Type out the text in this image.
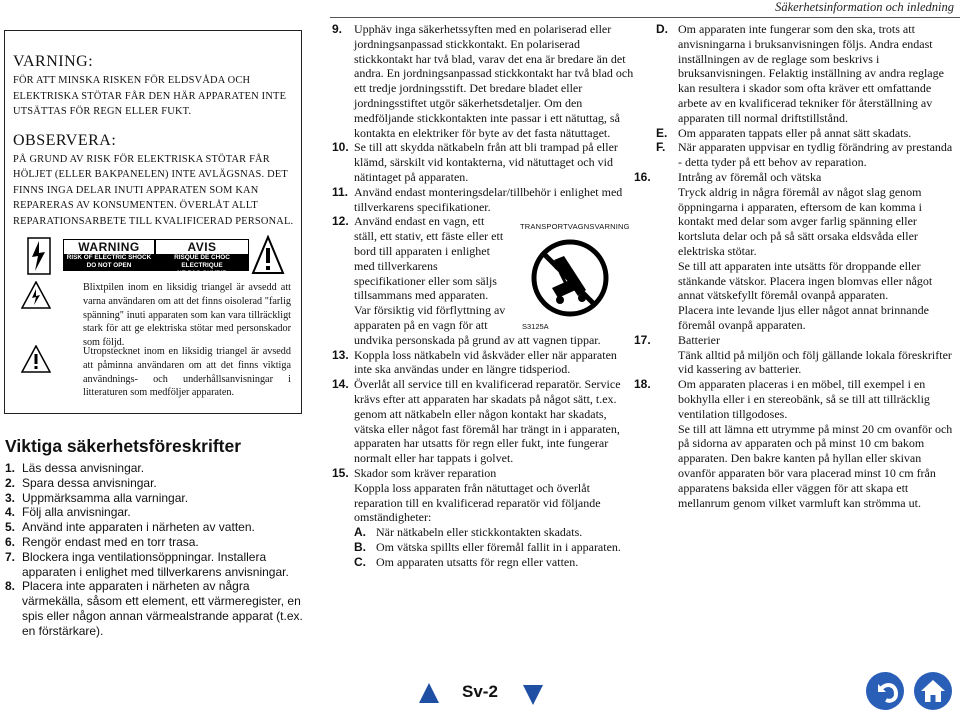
Säkerhetsinformation och inledning
VARNING:

FÖR ATT MINSKA RISKEN FÖR ELDSVÅDA OCH ELEKTRISKA STÖTAR FÅR DEN HÄR APPARATEN INTE UTSÄTTAS FÖR REGN ELLER FUKT.

OBSERVERA:

PÅ GRUND AV RISK FÖR ELEKTRISKA STÖTAR FÅR HÖLJET (ELLER BAKPANELEN) INTE AVLÄGSNAS. DET FINNS INGA DELAR INUTI APPARATEN SOM KAN REPARERAS AV KONSUMENTEN. ÖVERLÅT ALLT REPARATIONSARBETE TILL KVALIFICERAD PERSONAL.

WARNING
RISK OF ELECTRIC SHOCK
DO NOT OPEN
AVIS
RISQUE DE CHOC ELECTRIQUE
NE PAS OUVRIR

Blixtpilen inom en liksidig triangel är avsedd att varna användaren om att det finns oisolerad "farlig spänning" inuti apparaten som kan vara tillräckligt stark för att ge elektriska stötar med personskador som följd.

Utropstecknet inom en liksidig triangel är avsedd att påminna användaren om att det finns viktiga användnings- och underhållsanvisningar i litteraturen som medföljer apparaten.

Viktiga säkerhetsföreskrifter
1. Läs dessa anvisningar.
2. Spara dessa anvisningar.
3. Uppmärksamma alla varningar.
4. Följ alla anvisningar.
5. Använd inte apparaten i närheten av vatten.
6. Rengör endast med en torr trasa.
7. Blockera inga ventilationsöppningar. Installera apparaten i enlighet med tillverkarens anvisningar.
8. Placera inte apparaten i närheten av några värmekälla, såsom ett element, ett värmeregister, en spis eller någon annan värmealstrande apparat (t.ex. en förstärkare).
9. Upphäv inga säkerhetssyften med en polariserad eller jordningsanpassad stickkontakt. En polariserad stickkontakt har två blad, varav det ena är bredare än det andra. En jordningsanpassad stickkontakt har två blad och ett tredje jordningsstift. Det bredare bladet eller jordningsstiftet utgör säkerhetsdetaljer. Om den medföljande stickkontakten inte passar i ett nätuttag, så kontakta en elektriker för byte av det fasta nätuttaget.
10. Se till att skydda nätkabeln från att bli trampad på eller klämd, särskilt vid kontakterna, vid nätuttaget och vid nätintaget på apparaten.
11. Använd endast monteringsdelar/tillbehör i enlighet med tillverkarens specifikationer.
12. Använd endast en vagn, ett
ställ, ett stativ, ett fäste eller ett
bord till apparaten i enlighet
med tillverkarens
specifikationer eller som säljs
tillsammans med apparaten.
Var försiktig vid förflyttning av
apparaten på en vagn för att
undvika personskada på grund av att vagnen tippar.
13. Koppla loss nätkabeln vid åskväder eller när apparaten inte ska användas under en längre tidsperiod.
14. Överlåt all service till en kvalificerad reparatör. Service krävs efter att apparaten har skadats på något sätt, t.ex. genom att nätkabeln eller någon kontakt har skadats, vätska eller något fast föremål har trängt in i apparaten, apparaten har utsatts för regn eller fukt, inte fungerar normalt eller har tappats i golvet.
15. Skador som kräver reparation
Koppla loss apparaten från nätuttaget och överlåt reparation till en kvalificerad reparatör vid följande omständigheter:
A. När nätkabeln eller stickkontakten skadats.
B. Om vätska spillts eller föremål fallit in i apparaten.
C. Om apparaten utsatts för regn eller vatten.
TRANSPORTVAGNSVARNING
S3125A
D. Om apparaten inte fungerar som den ska, trots att anvisningarna i bruksanvisningen följs. Andra endast inställningen av de reglage som beskrivs i bruksanvisningen. Felaktig inställning av andra reglage kan resultera i skador som ofta kräver ett omfattande arbete av en kvalificerad tekniker för återställning av apparaten till normal driftstillstånd.
E. Om apparaten tappats eller på annat sätt skadats.
F. När apparaten uppvisar en tydlig förändring av prestanda - detta tyder på ett behov av reparation.
16. Intrång av föremål och vätska
Tryck aldrig in några föremål av något slag genom öppningarna i apparaten, eftersom de kan komma i kontakt med delar som avger farlig spänning eller kortsluta delar och på så sätt orsaka eldsvåda eller elektriska stötar.
Se till att apparaten inte utsätts för droppande eller stänkande vätskor. Placera ingen blomvas eller något annat vätskefyllt föremål ovanpå apparaten.
Placera inte levande ljus eller något annat brinnande föremål ovanpå apparaten.
17. Batterier
Tänk alltid på miljön och följ gällande lokala föreskrifter vid kassering av batterier.
18. Om apparaten placeras i en möbel, till exempel i en bokhylla eller i en stereobänk, så se till att tillräcklig ventilation tillgodoses.
Se till att lämna ett utrymme på minst 20 cm ovanför och på sidorna av apparaten och på minst 10 cm bakom apparaten. Den bakre kanten på hyllan eller skivan ovanför apparaten bör vara placerad minst 10 cm från apparatens baksida eller väggen för att skapa ett mellanrum genom vilket varmluft kan strömma ut.
Sv-2
